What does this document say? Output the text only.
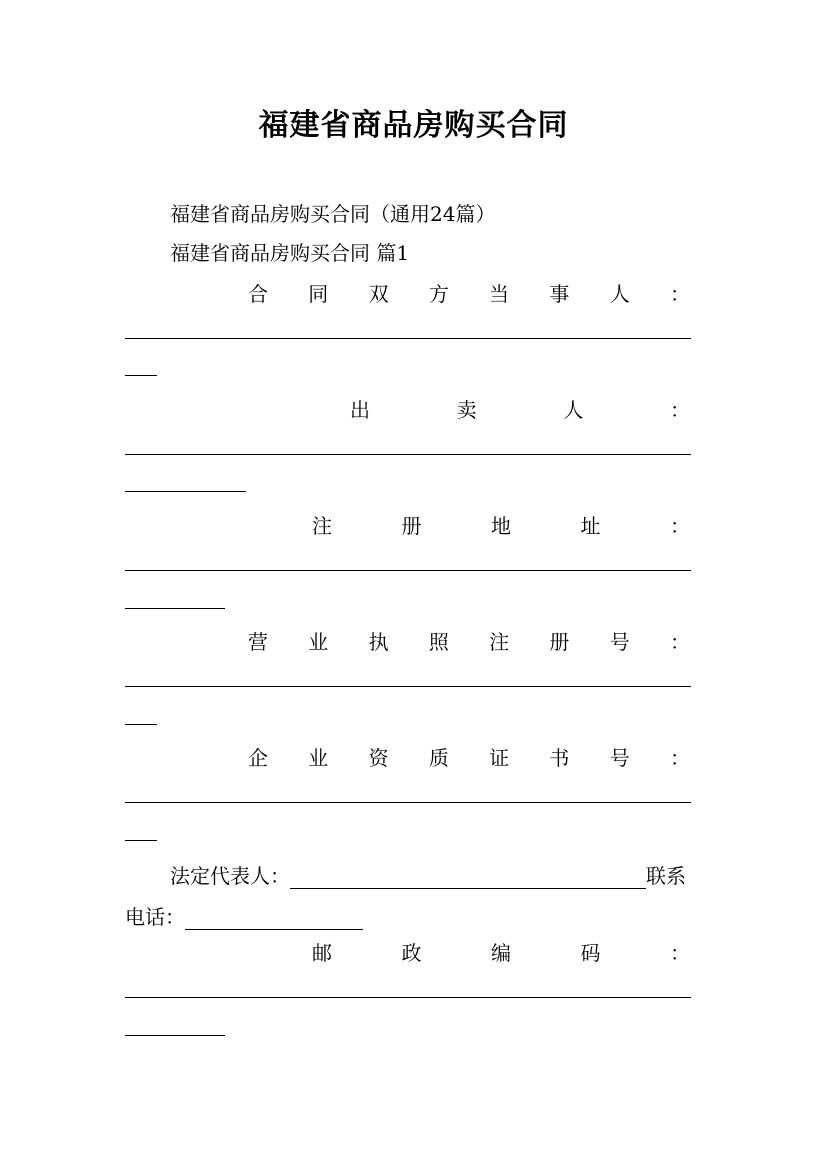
福建省商品房购买合同
福建省商品房购买合同（通用24篇）
福建省商品房购买合同 篇1
合 同 双 方 当 事 人 ：
出	卖	人	：
注	册	地	址	：
营 业 执 照 注 册 号 ：
企 业 资 质 证 书 号 ：
法定代表人：	联系
电话：
邮	政	编	码	：
